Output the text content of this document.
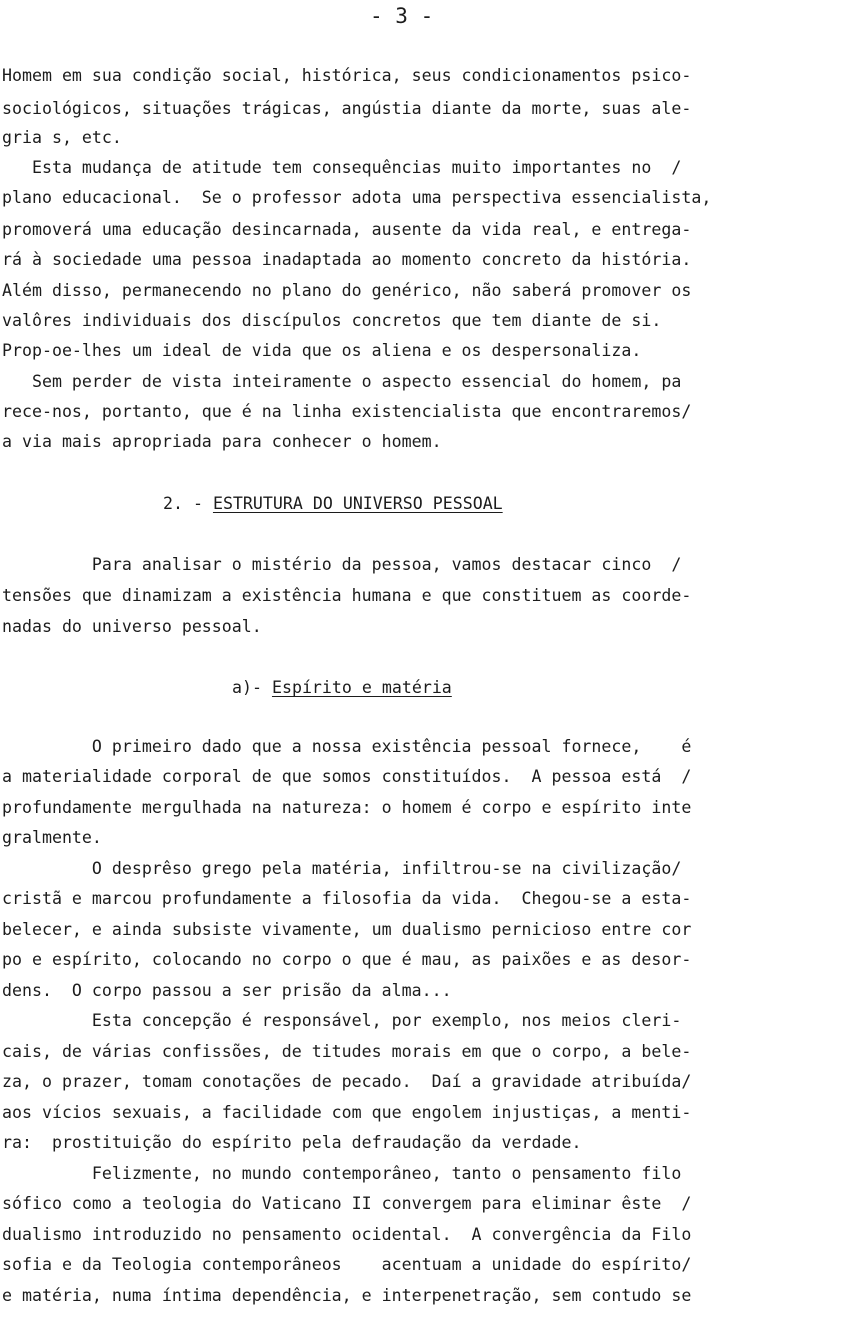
- 3 -
Homem em sua condição social, histórica, seus condicionamentos psico-
sociológicos, situações trágicas, angústia diante da morte, suas ale-
gria s, etc.
Esta mudança de atitude tem consequências muito importantes no  /
plano educacional.  Se o professor adota uma perspectiva essencialista,
promoverá uma educação desincarnada, ausente da vida real, e entrega-
rá à sociedade uma pessoa inadaptada ao momento concreto da história.
Além disso, permanecendo no plano do genérico, não saberá promover os
valôres individuais dos discípulos concretos que tem diante de si.
Prop-oe-lhes um ideal de vida que os aliena e os despersonaliza.
Sem perder de vista inteiramente o aspecto essencial do homem, pa
rece-nos, portanto, que é na linha existencialista que encontraremos/
a via mais apropriada para conhecer o homem.
2. - ESTRUTURA DO UNIVERSO PESSOAL
Para analisar o mistério da pessoa, vamos destacar cinco  /
tensões que dinamizam a existência humana e que constituem as coorde-
nadas do universo pessoal.
a)- Espírito e matéria
O primeiro dado que a nossa existência pessoal fornece,    é
a materialidade corporal de que somos constituídos.  A pessoa está  /
profundamente mergulhada na natureza: o homem é corpo e espírito inte
gralmente.
O desprêso grego pela matéria, infiltrou-se na civilização/
cristã e marcou profundamente a filosofia da vida.  Chegou-se a esta-
belecer, e ainda subsiste vivamente, um dualismo pernicioso entre cor
po e espírito, colocando no corpo o que é mau, as paixões e as desor-
dens.  O corpo passou a ser prisão da alma...
Esta concepção é responsável, por exemplo, nos meios cleri-
cais, de várias confissões, de titudes morais em que o corpo, a bele-
za, o prazer, tomam conotações de pecado.  Daí a gravidade atribuída/
aos vícios sexuais, a facilidade com que engolem injustiças, a menti-
ra:  prostituição do espírito pela defraudação da verdade.
Felizmente, no mundo contemporâneo, tanto o pensamento filo
sófico como a teologia do Vaticano II convergem para eliminar êste  /
dualismo introduzido no pensamento ocidental.  A convergência da Filo
sofia e da Teologia contemporâneos    acentuam a unidade do espírito/
e matéria, numa íntima dependência, e interpenetração, sem contudo se
